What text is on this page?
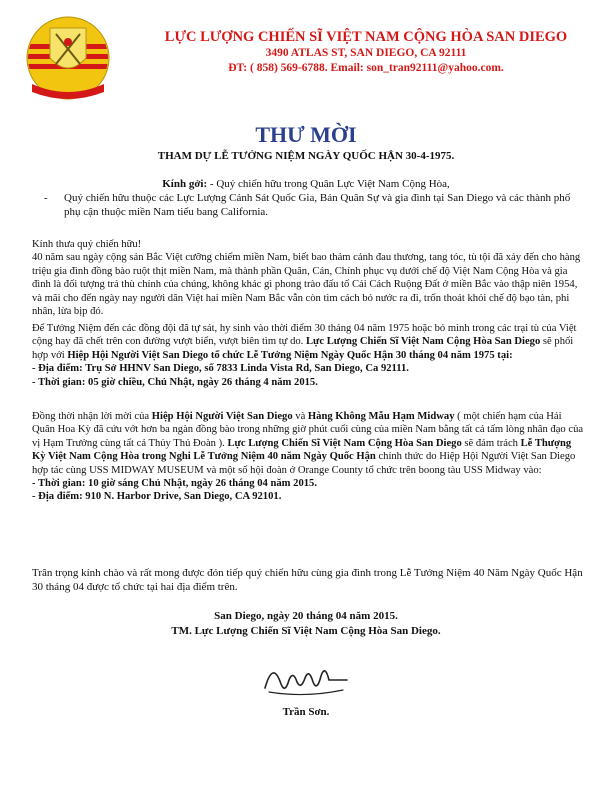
LỰC LƯỢNG CHIẾN SĨ VIỆT NAM CỘNG HÒA SAN DIEGO
3490 ATLAS ST, SAN DIEGO, CA 92111
ĐT: ( 858) 569-6788. Email: son_tran92111@yahoo.com.
THƯ MỜI
THAM DỰ LỄ TƯỞNG NIỆM NGÀY QUỐC HẬN 30-4-1975.
Kính gởi: - Quý chiến hữu trong Quân Lực Việt Nam Cộng Hòa,
- Quý chiến hữu thuộc các Lực Lượng Cảnh Sát Quốc Gia, Bán Quân Sự và gia đình tại San Diego và các thành phố phụ cận thuộc miền Nam tiểu bang California.

Kính thưa quý chiến hữu!
40 năm sau ngày cộng sản Bắc Việt cưỡng chiếm miền Nam, biết bao thảm cảnh đau thương, tang tóc, tù tội đã xảy đến cho hàng triệu gia đình đồng bào ruột thịt miền Nam, mà thành phần Quân, Cán, Chính phục vụ dưới chế độ Việt Nam Cộng Hòa và gia đình là đối tượng trả thù chính của chúng, không khác gì phong trào đấu tố Cải Cách Ruộng Đất ở miền Bắc vào thập niên 1954, và mãi cho đến ngày nay người dân Việt hai miền Nam Bắc vẫn còn tìm cách bỏ nước ra đi, trốn thoát khỏi chế độ bạo tàn, phi nhân, lừa bịp đó.

Để Tưởng Niệm đến các đồng đội đã tự sát, hy sinh vào thời điểm 30 tháng 04 năm 1975 hoặc bỏ mình trong các trại tù của Việt cộng hay đã chết trên con đường vượt biển, vượt biên tìm tự do. Lực Lượng Chiến Sĩ Việt Nam Cộng Hòa San Diego sẽ phối hợp với Hiệp Hội Người Việt San Diego tổ chức Lễ Tưởng Niệm Ngày Quốc Hận 30 tháng 04 năm 1975 tại:
- Địa điểm: Trụ Sở HHNV San Diego, số 7833 Linda Vista Rd, San Diego, Ca 92111.
- Thời gian: 05 giờ chiều, Chủ Nhật, ngày 26 tháng 4 năm 2015.

Đồng thời nhận lời mời của Hiệp Hội Người Việt San Diego và Hàng Không Mẫu Hạm Midway ( một chiến hạm của Hải Quân Hoa Kỳ đã cứu vớt hơn ba ngàn đồng bào trong những giờ phút cuối cùng của miền Nam bằng tất cả tấm lòng nhân đạo của vị Hạm Trưởng cùng tất cả Thủy Thủ Đoàn ). Lực Lượng Chiến Sĩ Việt Nam Cộng Hòa San Diego sẽ đảm trách Lễ Thượng Kỳ Việt Nam Cộng Hòa trong Nghi Lễ Tưởng Niệm 40 năm Ngày Quốc Hận chính thức do Hiệp Hội Người Việt San Diego hợp tác cùng USS MIDWAY MUSEUM và một số hội đoàn ở Orange County tổ chức trên boong tàu USS Midway vào:
- Thời gian: 10 giờ sáng Chủ Nhật, ngày 26 tháng 04 năm 2015.
- Địa điểm: 910 N. Harbor Drive, San Diego, CA 92101.

Trân trọng kính chào và rất mong được đón tiếp quý chiến hữu cùng gia đình trong Lễ Tưởng Niệm 40 Năm Ngày Quốc Hận 30 tháng 04 được tổ chức tại hai địa điểm trên.

San Diego, ngày 20 tháng 04 năm 2015.
TM. Lực Lượng Chiến Sĩ Việt Nam Cộng Hòa San Diego.
Trần Sơn.
